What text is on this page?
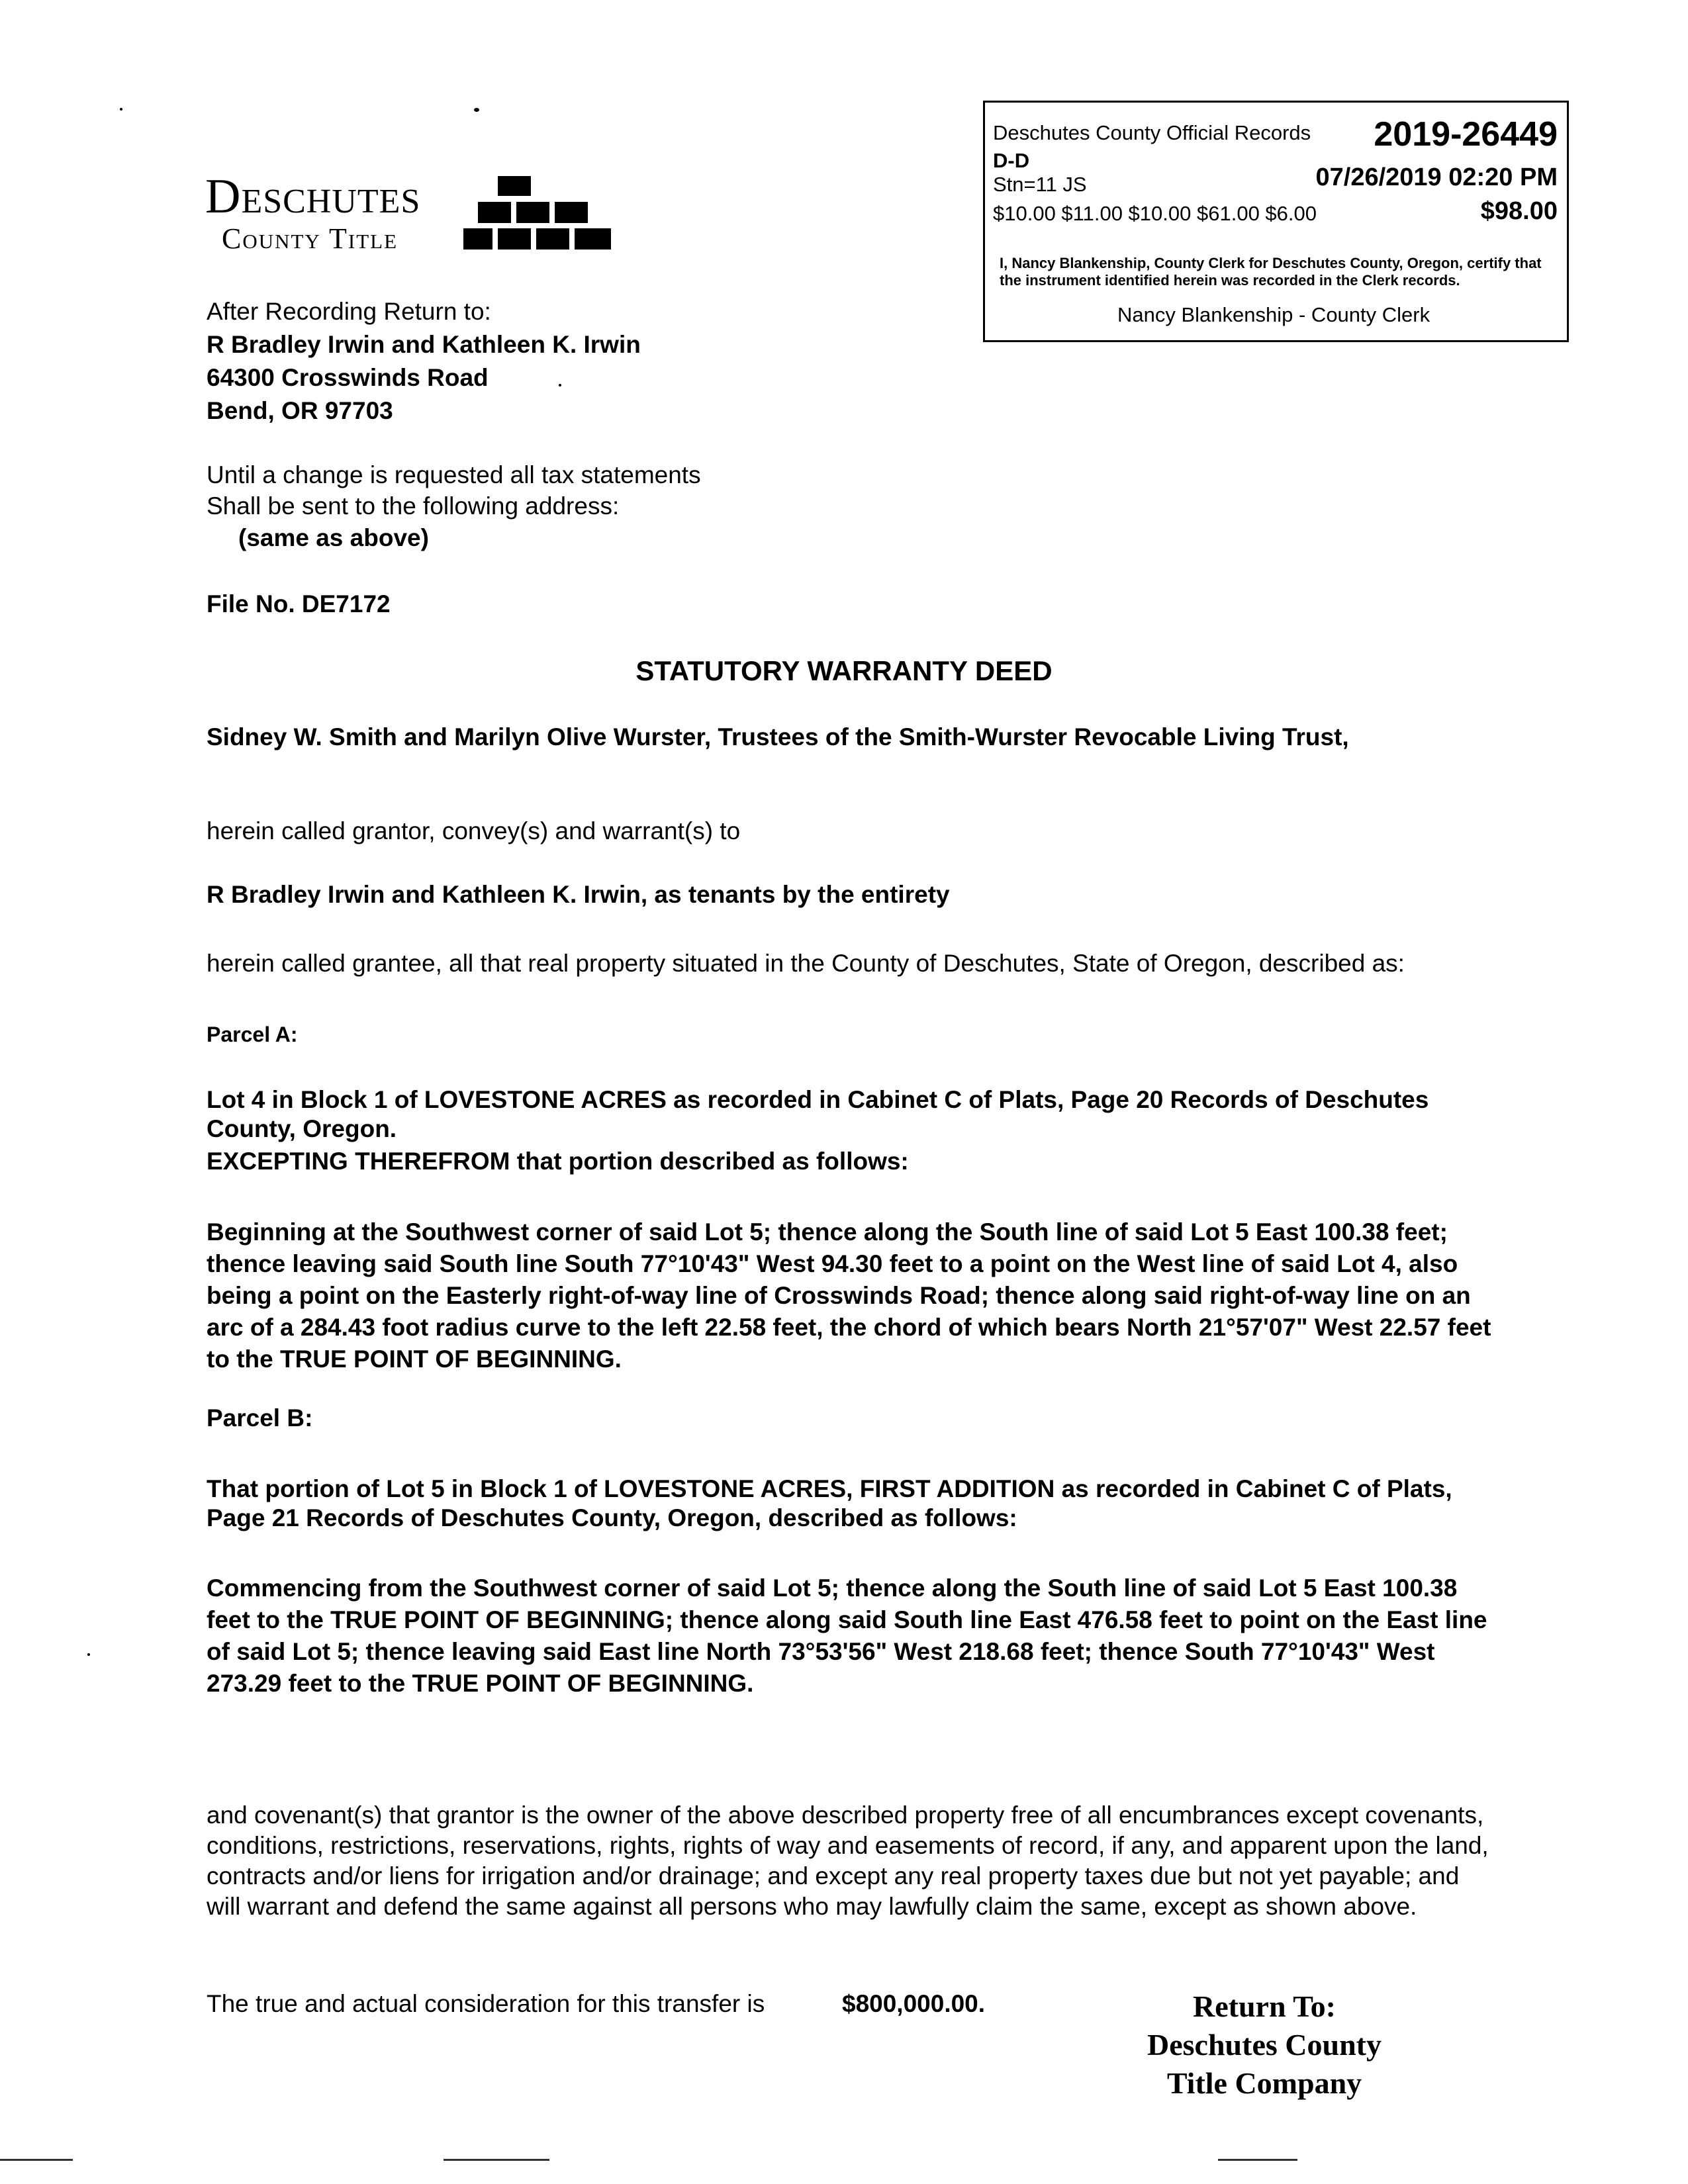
Deschutes County Official Records 2019-26449
D-D
Stn=11 JS	07/26/2019 02:20 PM
$10.00 $11.00 $10.00 $61.00 $6.00	$98.00
I, Nancy Blankenship, County Clerk for Deschutes County, Oregon, certify that the instrument identified herein was recorded in the Clerk records.
Nancy Blankenship - County Clerk
Deschutes
County Title
After Recording Return to:
R Bradley Irwin and Kathleen K. Irwin
64300 Crosswinds Road
Bend, OR 97703
Until a change is requested all tax statements
Shall be sent to the following address:
(same as above)
File No. DE7172
STATUTORY WARRANTY DEED
Sidney W. Smith and Marilyn Olive Wurster, Trustees of the Smith-Wurster Revocable Living Trust,
herein called grantor, convey(s) and warrant(s) to
R Bradley Irwin and Kathleen K. Irwin, as tenants by the entirety
herein called grantee, all that real property situated in the County of Deschutes, State of Oregon, described as:
Parcel A:
Lot 4 in Block 1 of LOVESTONE ACRES as recorded in Cabinet C of Plats, Page 20 Records of Deschutes County, Oregon.
EXCEPTING THEREFROM that portion described as follows:
Beginning at the Southwest corner of said Lot 5; thence along the South line of said Lot 5 East 100.38 feet; thence leaving said South line South 77°10'43" West 94.30 feet to a point on the West line of said Lot 4, also being a point on the Easterly right-of-way line of Crosswinds Road; thence along said right-of-way line on an arc of a 284.43 foot radius curve to the left 22.58 feet, the chord of which bears North 21°57'07" West 22.57 feet to the TRUE POINT OF BEGINNING.
Parcel B:
That portion of Lot 5 in Block 1 of LOVESTONE ACRES, FIRST ADDITION as recorded in Cabinet C of Plats, Page 21 Records of Deschutes County, Oregon, described as follows:
Commencing from the Southwest corner of said Lot 5; thence along the South line of said Lot 5 East 100.38 feet to the TRUE POINT OF BEGINNING; thence along said South line East 476.58 feet to point on the East line of said Lot 5; thence leaving said East line North 73°53'56" West 218.68 feet; thence South 77°10'43" West 273.29 feet to the TRUE POINT OF BEGINNING.
and covenant(s) that grantor is the owner of the above described property free of all encumbrances except covenants, conditions, restrictions, reservations, rights, rights of way and easements of record, if any, and apparent upon the land, contracts and/or liens for irrigation and/or drainage; and except any real property taxes due but not yet payable; and will warrant and defend the same against all persons who may lawfully claim the same, except as shown above.
The true and actual consideration for this transfer is	$800,000.00.	Return To:
Deschutes County
Title Company
